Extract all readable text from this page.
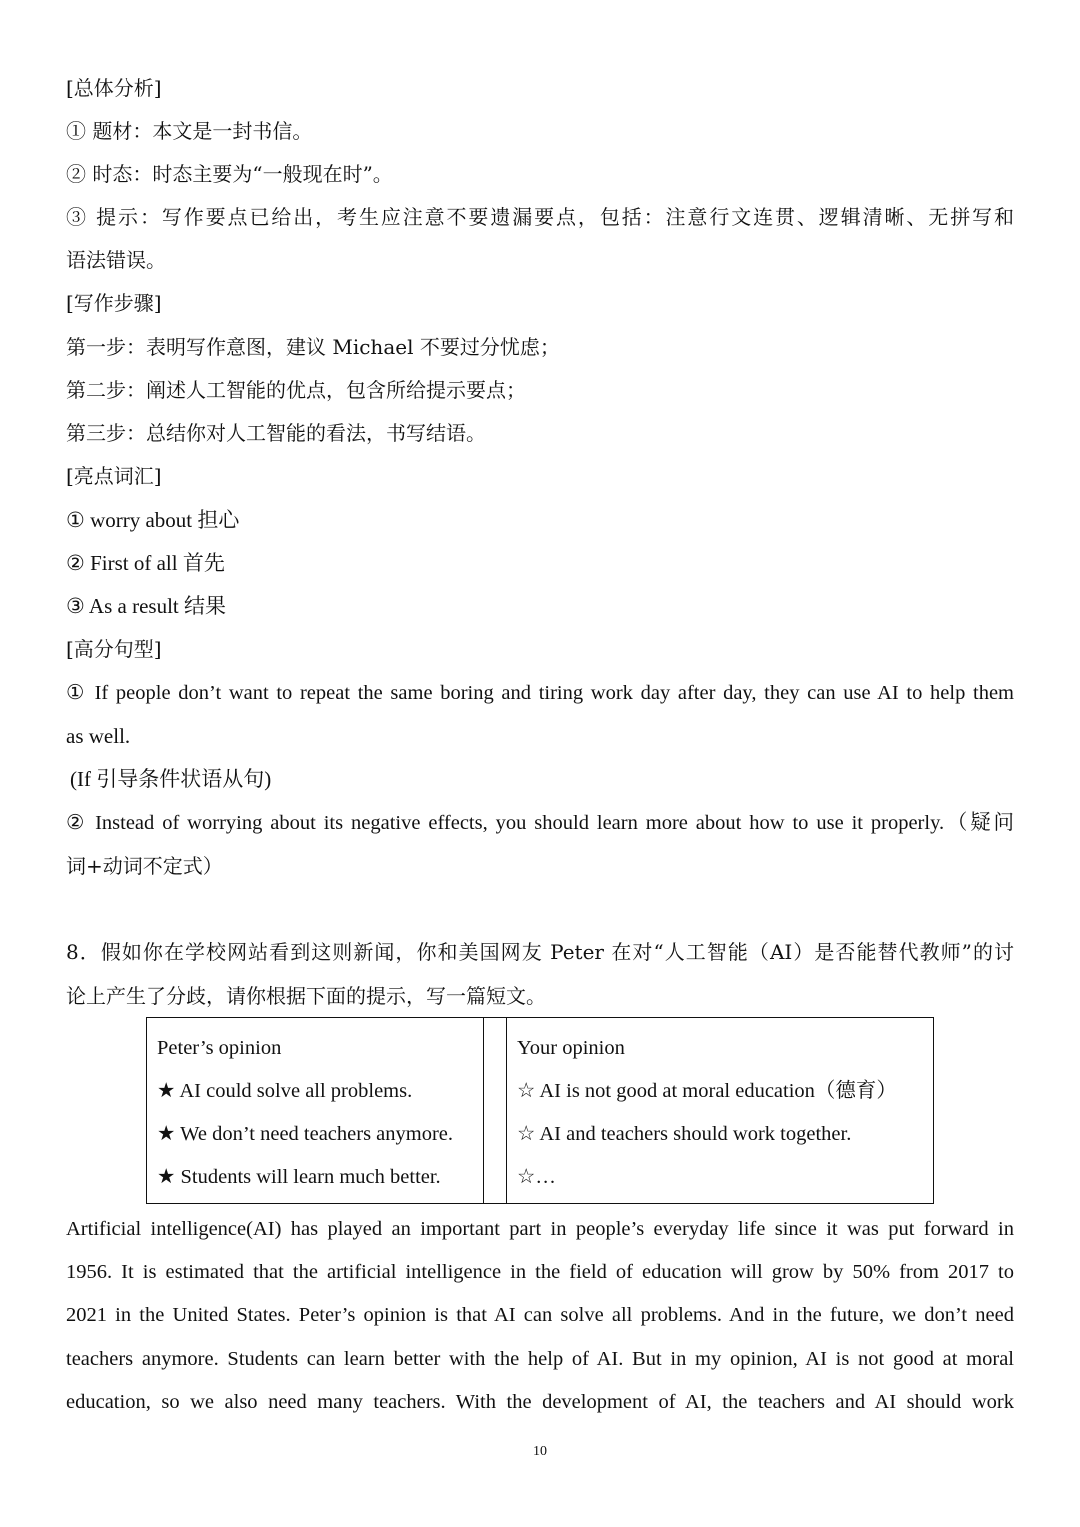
[总体分析]
① 题材：本文是一封书信。
② 时态：时态主要为“一般现在时”。
③ 提示：写作要点已给出，考生应注意不要遗漏要点，包括：注意行文连贯、逻辑清晰、无拼写和
语法错误。
[写作步骤]
第一步：表明写作意图，建议 Michael 不要过分忧虑；
第二步：阐述人工智能的优点，包含所给提示要点；
第三步：总结你对人工智能的看法，书写结语。
[亮点词汇]
① worry about 担心
② First of all 首先
③ As a result 结果
[高分句型]
① If people don’t want to repeat the same boring and tiring work day after day, they can use AI to help them
as well.
(If 引导条件状语从句)
② Instead of worrying about its negative effects, you should learn more about how to use it properly.（疑问
词+动词不定式）
8．假如你在学校网站看到这则新闻，你和美国网友 Peter 在对“人工智能（AI）是否能替代教师”的讨
论上产生了分歧，请你根据下面的提示，写一篇短文。
Peter’s opinion
★ AI could solve all problems.
★ We don’t need teachers anymore.
★ Students will learn much better.
Your opinion
☆ AI is not good at moral education（德育）
☆ AI and teachers should work together.
☆…
Artificial intelligence(AI) has played an important part in people’s everyday life since it was put forward in
1956. It is estimated that the artificial intelligence in the field of education will grow by 50% from 2017 to
2021 in the United States. Peter’s opinion is that AI can solve all problems. And in the future, we don’t need
teachers anymore. Students can learn better with the help of AI. But in my opinion, AI is not good at moral
education, so we also need many teachers. With the development of AI, the teachers and AI should work
10
